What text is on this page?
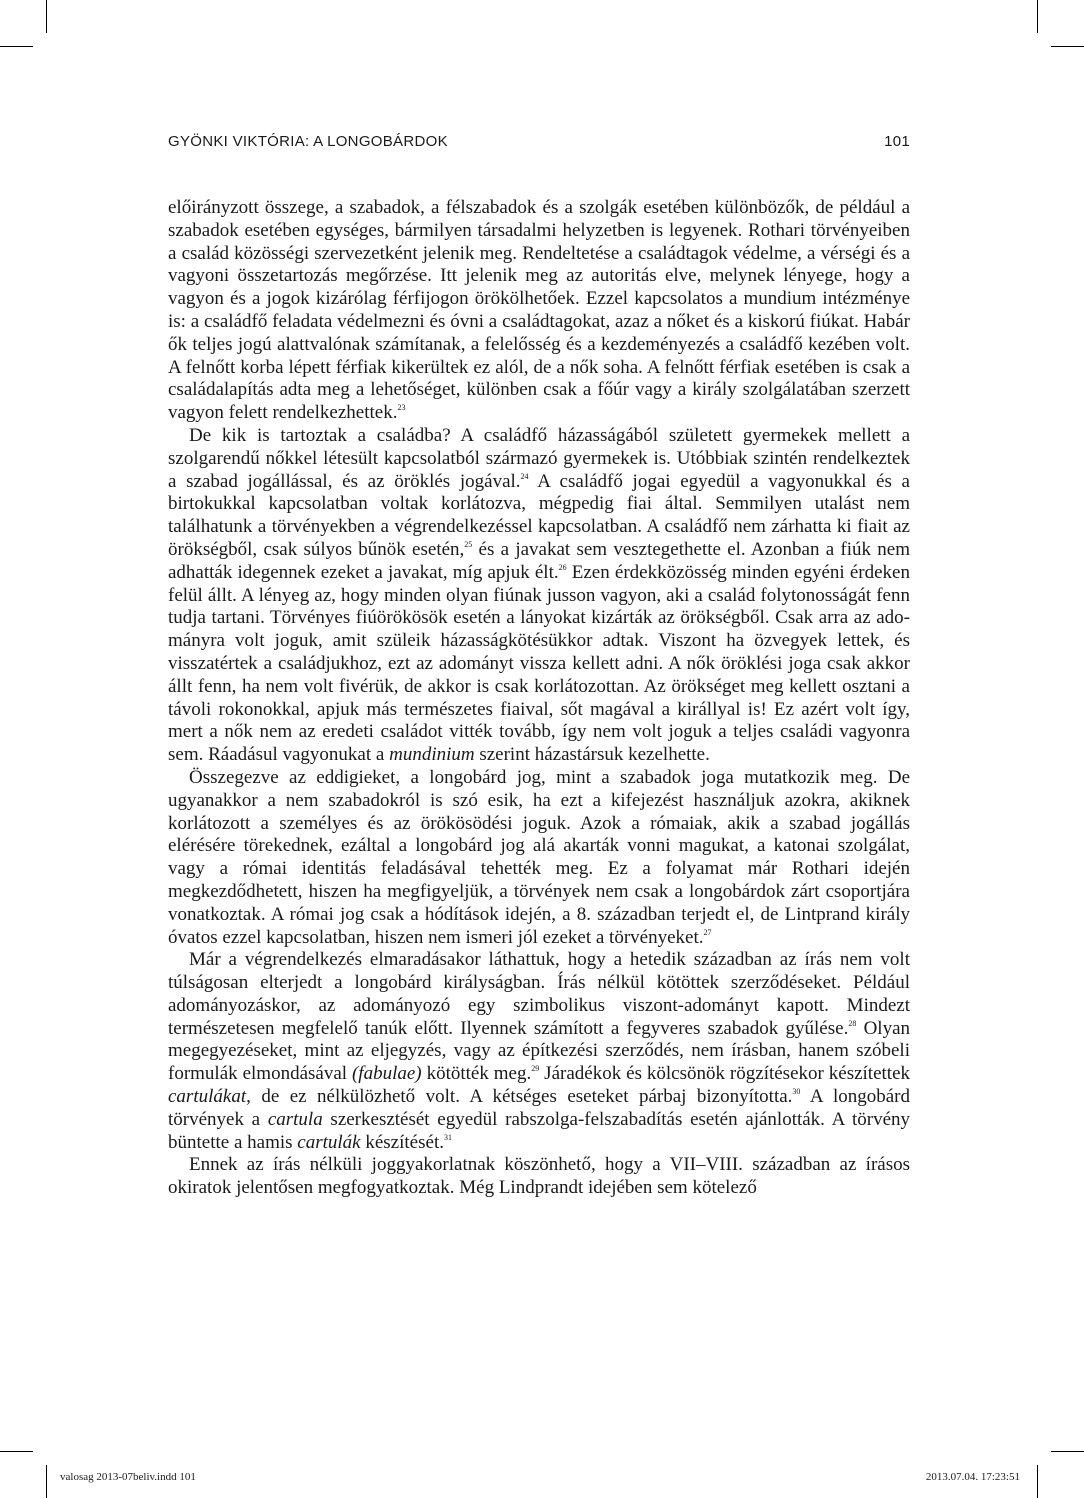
GYÖNKI VIKTÓRIA: A LONGOBÁRDOK	101

előirányzott összege, a szabadok, a félszabadok és a szolgák esetében különbözők, de például a szabadok esetében egységes, bármilyen társadalmi helyzetben is legyenek. Rothari törvényeiben a család közösségi szervezetként jelenik meg. Rendeltetése a családtagok védelme, a vérségi és a vagyoni összetartozás megőrzése. Itt jelenik meg az autoritás elve, melynek lényege, hogy a vagyon és a jogok kizárólag férfijogon örökölhetőek. Ezzel kapcsolatos a mundium intézménye is: a családfő feladata védelmezni és óvni a családtagokat, azaz a nőket és a kiskorú fiúkat. Habár ők teljes jogú alattvalónak számítanak, a felelősség és a kezdeményezés a családfő kezében volt. A felnőtt korba lépett férfiak kikerültek ez alól, de a nők soha. A felnőtt férfiak esetében is csak a családalapítás adta meg a lehetőséget, különben csak a főúr vagy a király szolgálatában szerzett vagyon felett rendelkezhettek.$^{23}$

De kik is tartoztak a családba? A családfő házasságából született gyermekek mellett a szolgarendű nőkkel létesült kapcsolatból származó gyermekek is. Utóbbiak szintén rendelkeztek a szabad jogállással, és az öröklés jogával.$^{24}$ A családfő jogai egyedül a vagyonukkal és a birtokukkal kapcsolatban voltak korlátozva, mégpedig fiai által. Semmilyen utalást nem találhatunk a törvényekben a végrendelkezéssel kapcsolatban. A családfő nem zárhatta ki fiait az örökségből, csak súlyos bűnök esetén,$^{25}$ és a javakat sem vesztegethette el. Azonban a fiúk nem adhatták idegennek ezeket a javakat, míg apjuk élt.$^{26}$ Ezen érdekközösség minden egyéni érdeken felül állt. A lényeg az, hogy minden olyan fiúnak jusson vagyon, aki a család folytonosságát fenn tudja tartani. Törvényes fiúörökösök esetén a lányokat kizárták az örökségből. Csak arra az adományra volt joguk, amit szüleik házasságkötésükkor adtak. Viszont ha özvegyek lettek, és visszatértek a családjukhoz, ezt az adományt vissza kellett adni. A nők öröklési joga csak akkor állt fenn, ha nem volt fivérük, de akkor is csak korlátozottan. Az örökséget meg kellett osztani a távoli rokonokkal, apjuk más természetes fiaival, sőt magával a királlyal is! Ez azért volt így, mert a nők nem az eredeti családot vitték tovább, így nem volt joguk a teljes családi vagyonra sem. Ráadásul vagyonukat a mundinium szerint házastársuk kezelhette.

Összegezve az eddigieket, a longobárd jog, mint a szabadok joga mutatkozik meg. De ugyanakkor a nem szabadokról is szó esik, ha ezt a kifejezést használjuk azokra, akiknek korlátozott a személyes és az örökösödési joguk. Azok a rómaiak, akik a szabad jogállás elérésére törekednek, ezáltal a longobárd jog alá akarták vonni magukat, a katonai szolgálat, vagy a római identitás feladásával tehették meg. Ez a folyamat már Rothari idején megkezdődhetett, hiszen ha megfigyeljük, a törvények nem csak a longobárdok zárt csoportjára vonatkoztak. A római jog csak a hódítások idején, a 8. században terjedt el, de Lintprand király óvatos ezzel kapcsolatban, hiszen nem ismeri jól ezeket a törvényeket.$^{27}$

Már a végrendelkezés elmaradásakor láthattuk, hogy a hetedik században az írás nem volt túlságosan elterjedt a longobárd királyságban. Írás nélkül kötöttek szerződéseket. Például adományozáskor, az adományozó egy szimbolikus viszont-adományt kapott. Mindezt természetesen megfelelő tanúk előtt. Ilyennek számított a fegyveres szabadok gyűlése.$^{28}$ Olyan megegyezéseket, mint az eljegyzés, vagy az építkezési szerződés, nem írásban, hanem szóbeli formulák elmondásával (fabulae) kötötték meg.$^{29}$ Járadékok és kölcsönök rögzítésekor készítettek cartulákat, de ez nélkülözhető volt. A kétséges eseteket párbaj bizonyította.$^{30}$ A longobárd törvények a cartula szerkesztését egyedül rabszolga-felszabadítás esetén ajánlották. A törvény büntette a hamis cartulák készítését.$^{31}$

Ennek az írás nélküli joggyakorlatnak köszönhető, hogy a VII–VIII. században az írásos okiratok jelentősen megfogyatkoztak. Még Lindprandt idejében sem kötelező

valosag 2013-07beliv.indd 101	2013.07.04. 17:23:51
